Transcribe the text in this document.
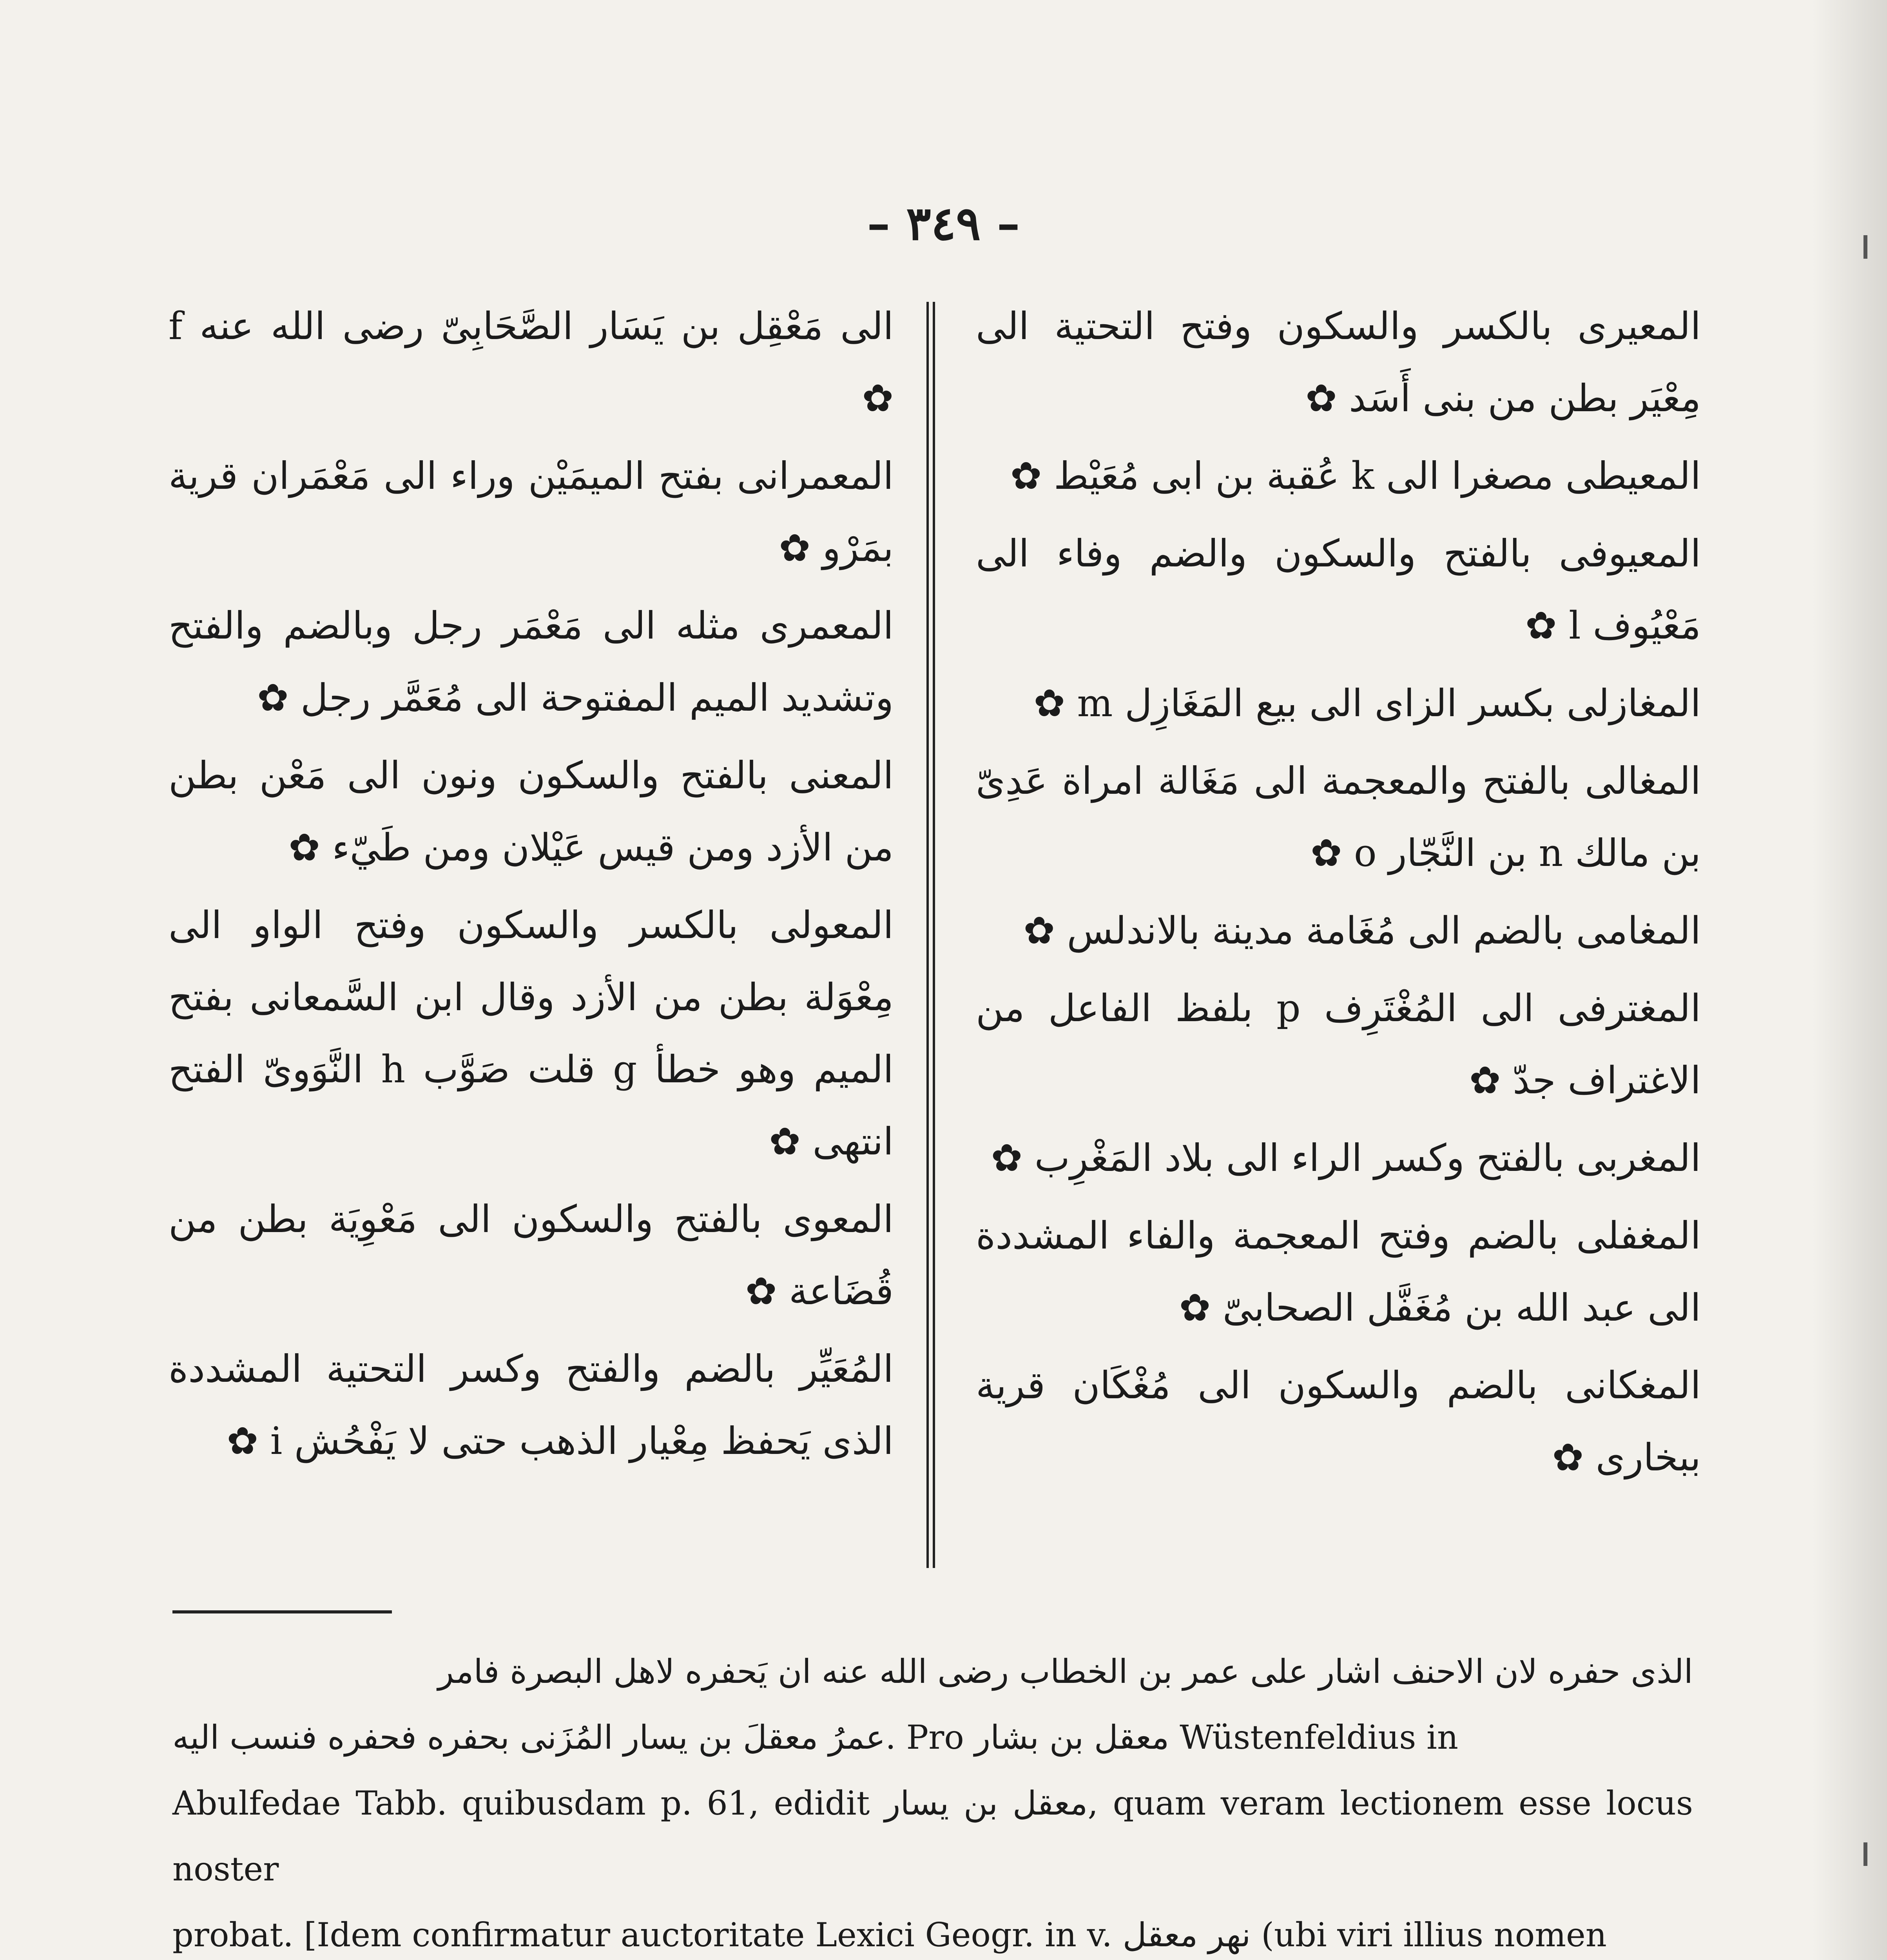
– ٣٤٩ –

الى مَعْقِل بن يَسَار الصَّحَابِىّ رضى الله عنه f ✿

المعمرانى بفتح الميمَيْن وراء الى مَعْمَران قرية بمَرْو ✿

المعمرى مثله الى مَعْمَر رجل وبالضم والفتح وتشديد الميم المفتوحة الى مُعَمَّر رجل ✿

المعنى بالفتح والسكون ونون الى مَعْن بطن من الأزد ومن قيس عَيْلان ومن طَيّء ✿

المعولى بالكسر والسكون وفتح الواو الى مِعْوَلة بطن من الأزد وقال ابن السَّمعانى بفتح الميم وهو خطأ g قلت صَوَّب h النَّوَوىّ الفتح انتهى ✿

المعوى بالفتح والسكون الى مَعْوِيَة بطن من قُضَاعة ✿

المُعَيِّر بالضم والفتح وكسر التحتية المشددة الذى يَحفظ مِعْيار الذهب حتى لا يَفْحُش i ✿

المعيرى بالكسر والسكون وفتح التحتية الى مِعْيَر بطن من بنى أَسَد ✿

المعيطى مصغرا الى k عُقبة بن ابى مُعَيْط ✿

المعيوفى بالفتح والسكون والضم وفاء الى مَعْيُوف l ✿

المغازلى بكسر الزاى الى بيع المَغَازِل m ✿

المغالى بالفتح والمعجمة الى مَغَالة امراة عَدِىّ بن مالك n بن النَّجّار o ✿

المغامى بالضم الى مُغَامة مدينة بالاندلس ✿

المغترفى الى المُغْتَرِف p بلفظ الفاعل من الاغتراف جدّ ✿

المغربى بالفتح وكسر الراء الى بلاد المَغْرِب ✿

المغفلى بالضم وفتح المعجمة والفاء المشددة الى عبد الله بن مُغَفَّل الصحابىّ ✿

المغكانى بالضم والسكون الى مُغْكَان قرية ببخارى ✿

الذى حفره لان الاحنف اشار على عمر بن الخطاب رضى الله عنه ان يَحفره لاهل البصرة فامر
عمرُ معقلَ بن يسار المُزَنى بحفره فحفره فنسب اليه. Pro معقل بن بشار Wüstenfeldius in
Abulfedae Tabb. quibusdam p. 61, edidit معقل بن يسار, quam veram lectionem esse locus noster
probat. [Idem confirmatur auctoritate Lexici Geogr. in v. نهر معقل (ubi viri illius nomen
